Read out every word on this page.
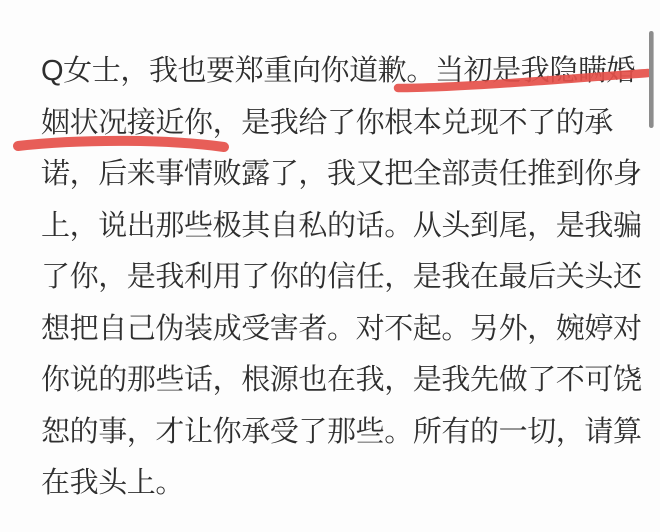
Q女士，我也要郑重向你道歉。当初是我隐瞒婚
姻状况接近你，是我给了你根本兑现不了的承
诺，后来事情败露了，我又把全部责任推到你身
上，说出那些极其自私的话。从头到尾，是我骗
了你，是我利用了你的信任，是我在最后关头还
想把自己伪装成受害者。对不起。另外，婉婷对
你说的那些话，根源也在我，是我先做了不可饶
恕的事，才让你承受了那些。所有的一切，请算
在我头上。
